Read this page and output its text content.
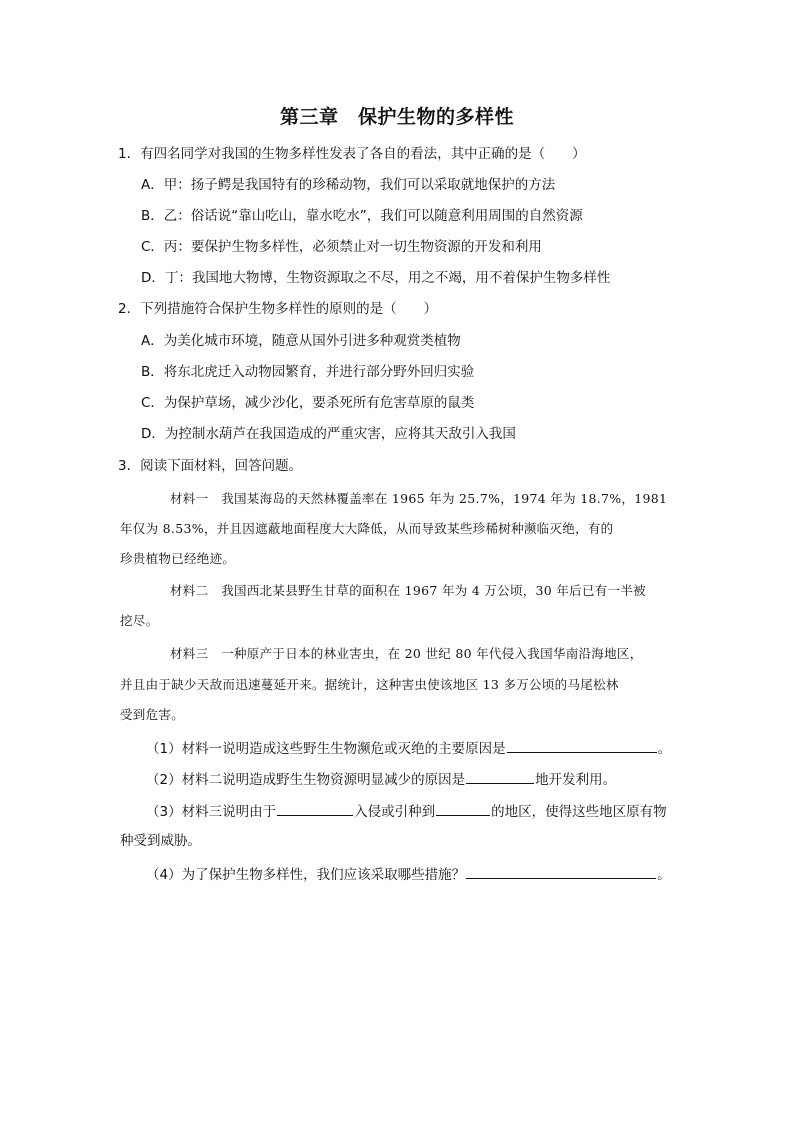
第三章　保护生物的多样性
1．有四名同学对我国的生物多样性发表了各自的看法，其中正确的是（　　）
A．甲：扬子鳄是我国特有的珍稀动物，我们可以采取就地保护的方法
B．乙：俗话说“靠山吃山，靠水吃水”，我们可以随意利用周围的自然资源
C．丙：要保护生物多样性，必须禁止对一切生物资源的开发和利用
D．丁：我国地大物博，生物资源取之不尽，用之不竭，用不着保护生物多样性
2．下列措施符合保护生物多样性的原则的是（　　）
A．为美化城市环境，随意从国外引进多种观赏类植物
B．将东北虎迁入动物园繁育，并进行部分野外回归实验
C．为保护草场，减少沙化，要杀死所有危害草原的鼠类
D．为控制水葫芦在我国造成的严重灾害，应将其天敌引入我国
3．阅读下面材料，回答问题。
材料一　我国某海岛的天然林覆盖率在 1965 年为 25.7%，1974 年为 18.7%，1981
年仅为 8.53%，并且因遮蔽地面程度大大降低，从而导致某些珍稀树种濒临灭绝，有的
珍贵植物已经绝迹。
材料二　我国西北某县野生甘草的面积在 1967 年为 4 万公顷，30 年后已有一半被
挖尽。
材料三　一种原产于日本的林业害虫，在 20 世纪 80 年代侵入我国华南沿海地区，
并且由于缺少天敌而迅速蔓延开来。据统计，这种害虫使该地区 13 多万公顷的马尾松林
受到危害。
（1）材料一说明造成这些野生生物濒危或灭绝的主要原因是	。
（2）材料二说明造成野生生物资源明显减少的原因是	地开发利用。
（3）材料三说明由于	入侵或引种到	的地区，使得这些地区原有物
种受到威胁。
（4）为了保护生物多样性，我们应该采取哪些措施？	。
